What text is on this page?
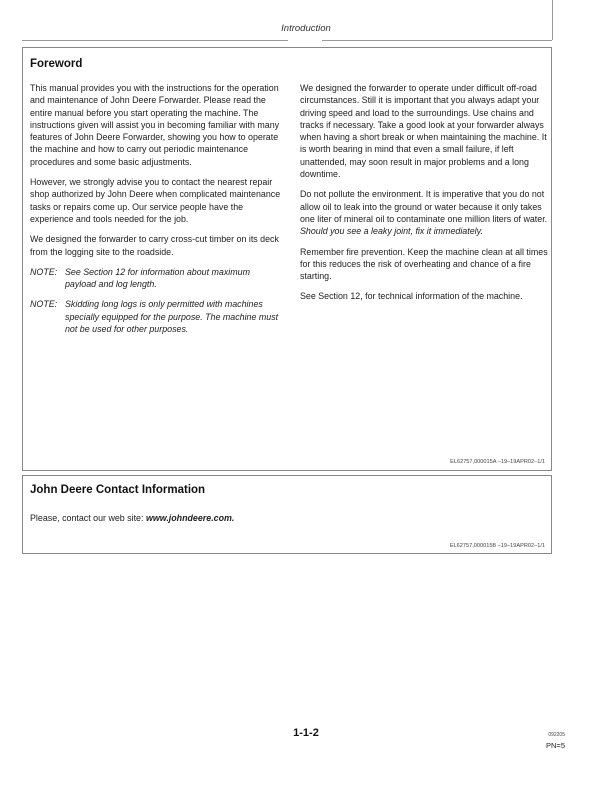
Introduction
Foreword

This manual provides you with the instructions for the operation and maintenance of John Deere Forwarder. Please read the entire manual before you start operating the machine. The instructions given will assist you in becoming familiar with many features of John Deere Forwarder, showing you how to operate the machine and how to carry out periodic maintenance procedures and some basic adjustments.

However, we strongly advise you to contact the nearest repair shop authorized by John Deere when complicated maintenance tasks or repairs come up. Our service people have the experience and tools needed for the job.

We designed the forwarder to carry cross-cut timber on its deck from the logging site to the roadside.

NOTE: See Section 12 for information about maximum payload and log length.
NOTE: Skidding long logs is only permitted with machines specially equipped for the purpose. The machine must not be used for other purposes.

We designed the forwarder to operate under difficult off-road circumstances. Still it is important that you always adapt your driving speed and load to the surroundings. Use chains and tracks if necessary. Take a good look at your forwarder always when having a short break or when maintaining the machine. It is worth bearing in mind that even a small failure, if left unattended, may soon result in major problems and a long downtime.

Do not pollute the environment. It is imperative that you do not allow oil to leak into the ground or water because it only takes one liter of mineral oil to contaminate one million liters of water. Should you see a leaky joint, fix it immediately.

Remember fire prevention. Keep the machine clean at all times for this reduces the risk of overheating and chance of a fire starting.

See Section 12, for technical information of the machine.

EL62757,000015A –19–19APR02–1/1
John Deere Contact Information
Please, contact our web site: www.johndeere.com.
EL62757,000015B –19–19APR02–1/1
1-1-2	092205
PN=5
